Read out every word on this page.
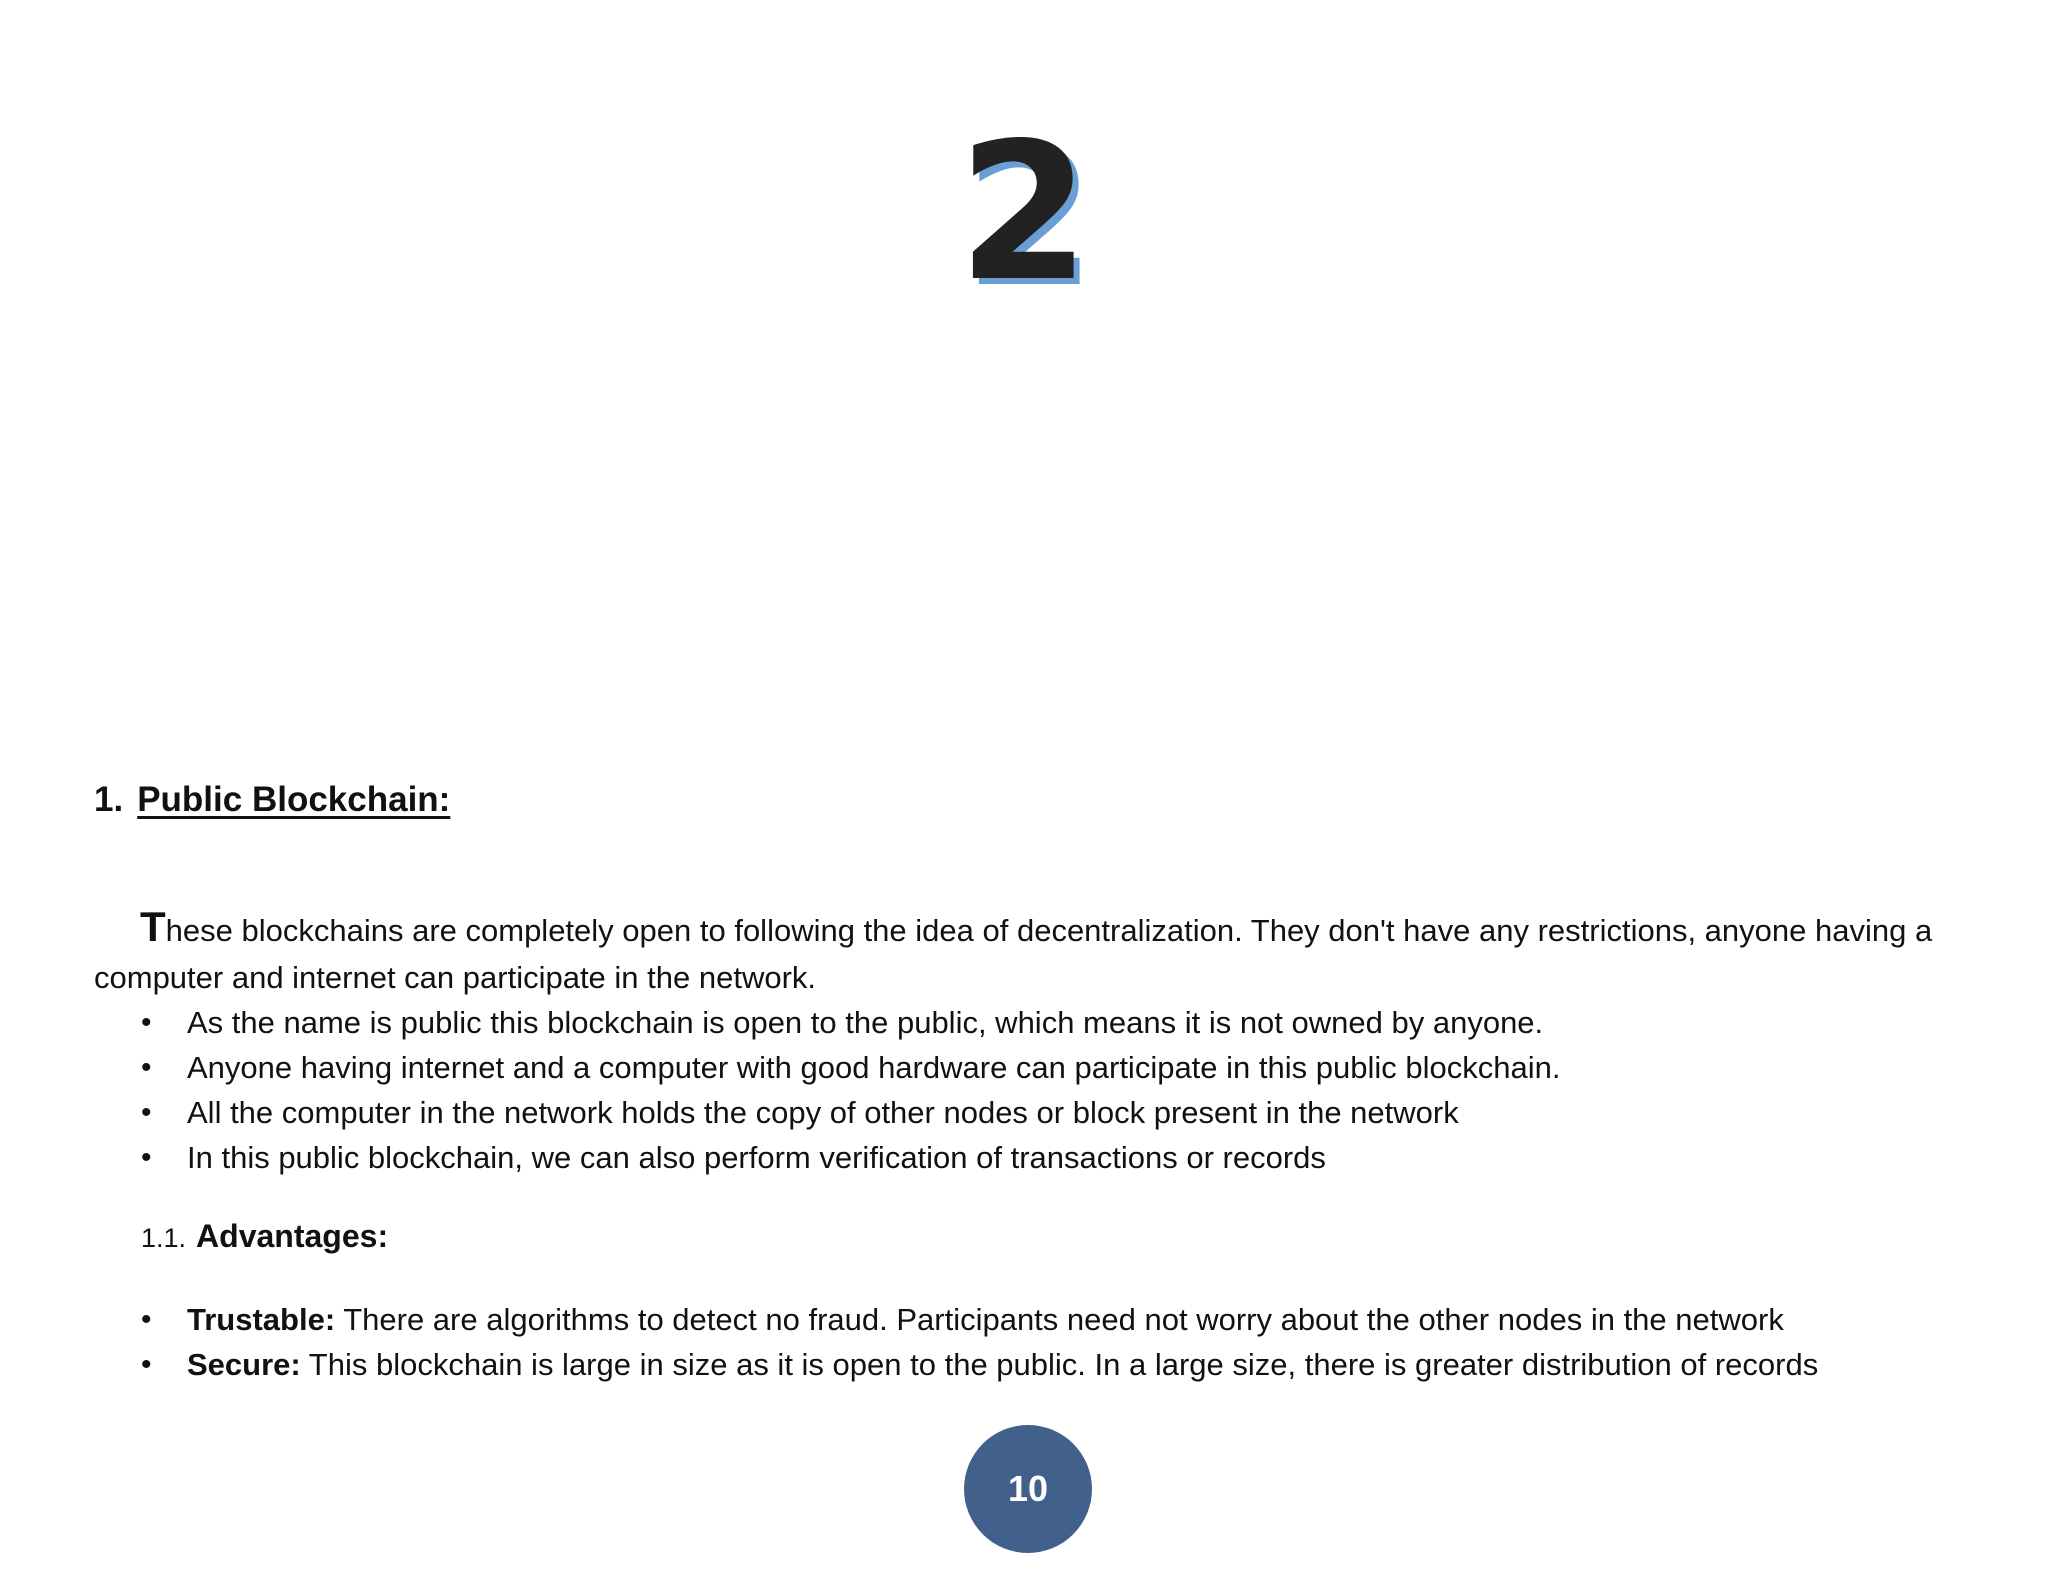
2
1. Public Blockchain:

These blockchains are completely open to following the idea of decentralization. They don't have any restrictions, anyone having a computer and internet can participate in the network.

• As the name is public this blockchain is open to the public, which means it is not owned by anyone.
• Anyone having internet and a computer with good hardware can participate in this public blockchain.
• All the computer in the network holds the copy of other nodes or block present in the network
• In this public blockchain, we can also perform verification of transactions or records
1.1. Advantages:
• Trustable: There are algorithms to detect no fraud. Participants need not worry about the other nodes in the network
• Secure: This blockchain is large in size as it is open to the public. In a large size, there is greater distribution of records
10
